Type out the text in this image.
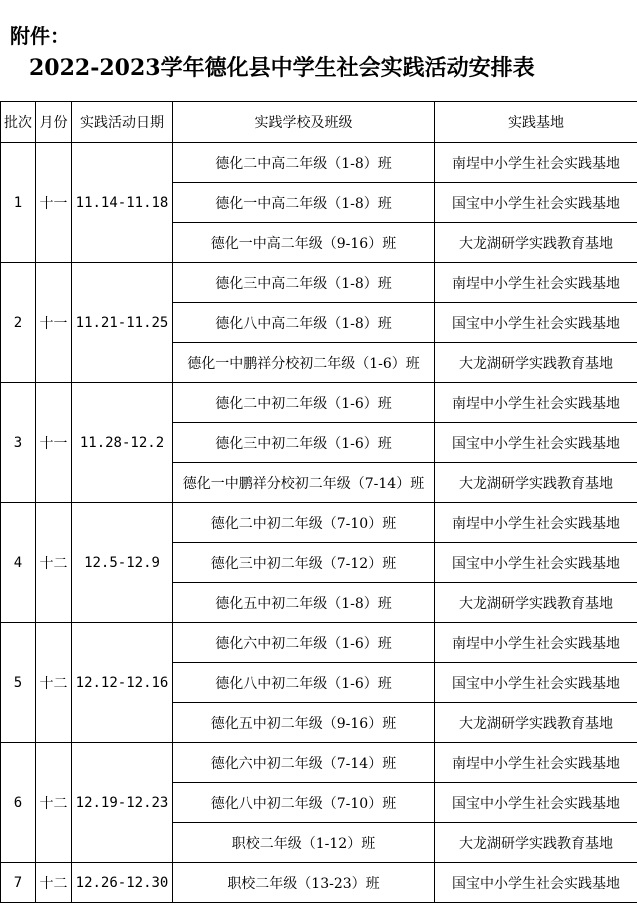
附件：
2022-2023学年德化县中学生社会实践活动安排表
批次	月份	实践活动日期	实践学校及班级	实践基地
1	十一	11.14-11.18	德化二中高二年级（1-8）班	南埕中小学生社会实践基地
			德化一中高二年级（1-8）班	国宝中小学生社会实践基地
			德化一中高二年级（9-16）班	大龙湖研学实践教育基地
2	十一	11.21-11.25	德化三中高二年级（1-8）班	南埕中小学生社会实践基地
			德化八中高二年级（1-8）班	国宝中小学生社会实践基地
			德化一中鹏祥分校初二年级（1-6）班	大龙湖研学实践教育基地
3	十一	11.28-12.2	德化二中初二年级（1-6）班	南埕中小学生社会实践基地
			德化三中初二年级（1-6）班	国宝中小学生社会实践基地
			德化一中鹏祥分校初二年级（7-14）班	大龙湖研学实践教育基地
4	十二	12.5-12.9	德化二中初二年级（7-10）班	南埕中小学生社会实践基地
			德化三中初二年级（7-12）班	国宝中小学生社会实践基地
			德化五中初二年级（1-8）班	大龙湖研学实践教育基地
5	十二	12.12-12.16	德化六中初二年级（1-6）班	南埕中小学生社会实践基地
			德化八中初二年级（1-6）班	国宝中小学生社会实践基地
			德化五中初二年级（9-16）班	大龙湖研学实践教育基地
6	十二	12.19-12.23	德化六中初二年级（7-14）班	南埕中小学生社会实践基地
			德化八中初二年级（7-10）班	国宝中小学生社会实践基地
			职校二年级（1-12）班	大龙湖研学实践教育基地
7	十二	12.26-12.30	职校二年级（13-23）班	国宝中小学生社会实践基地
